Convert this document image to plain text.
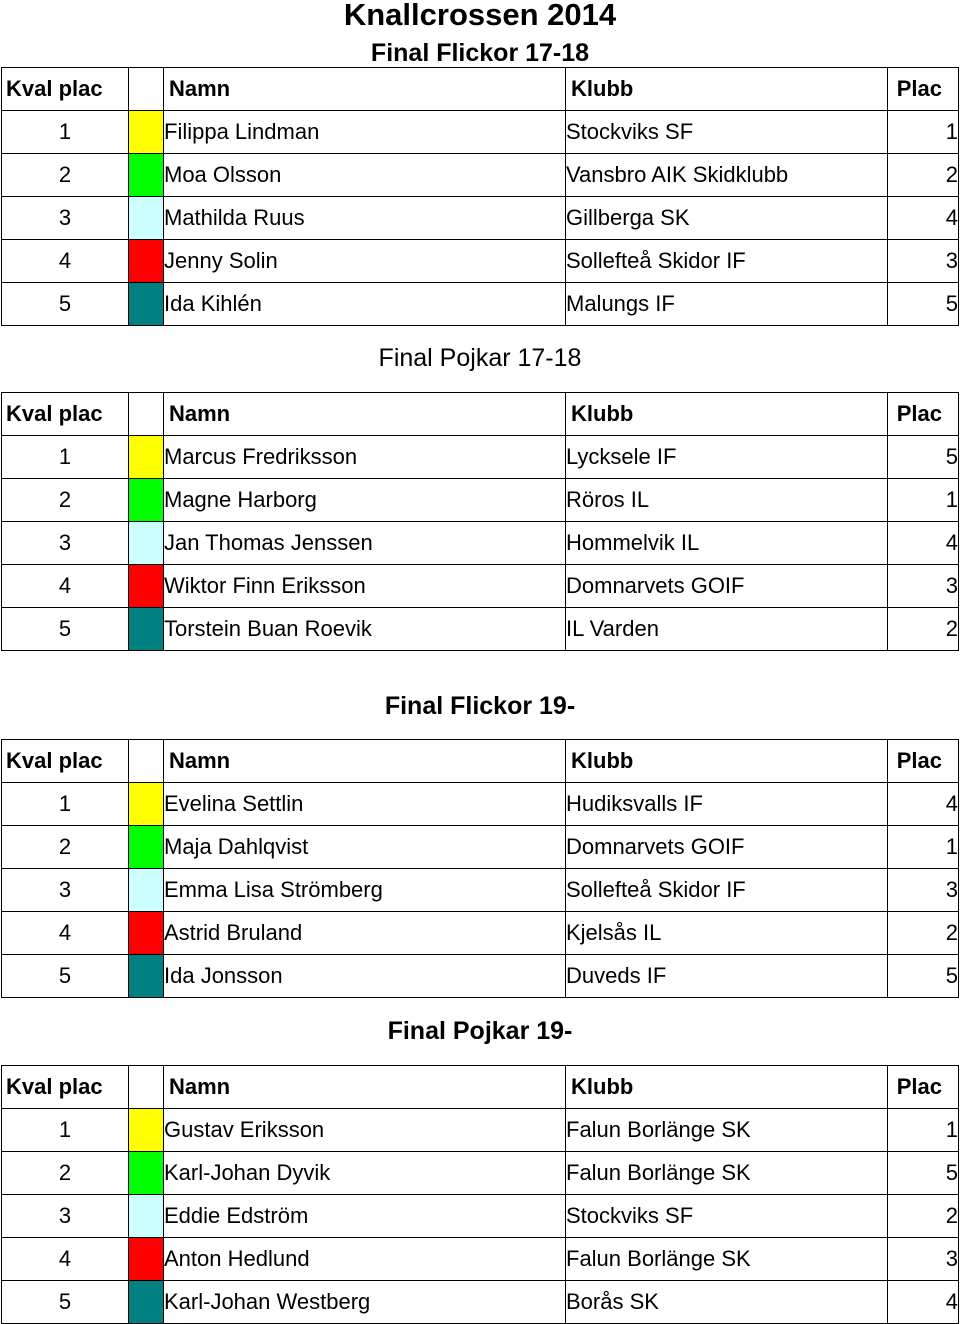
Knallcrossen 2014
Final Flickor 17-18
Kval plac		Namn	Klubb	Plac
1		Filippa Lindman	Stockviks SF	1
2		Moa Olsson	Vansbro AIK Skidklubb	2
3		Mathilda Ruus	Gillberga SK	4
4		Jenny Solin	Sollefteå Skidor IF	3
5		Ida Kihlén	Malungs IF	5
Final Pojkar 17-18
Kval plac		Namn	Klubb	Plac
1		Marcus Fredriksson	Lycksele IF	5
2		Magne Harborg	Röros IL	1
3		Jan Thomas Jenssen	Hommelvik IL	4
4		Wiktor Finn Eriksson	Domnarvets GOIF	3
5		Torstein Buan Roevik	IL Varden	2
Final Flickor 19-
Kval plac		Namn	Klubb	Plac
1		Evelina Settlin	Hudiksvalls IF	4
2		Maja Dahlqvist	Domnarvets GOIF	1
3		Emma Lisa Strömberg	Sollefteå Skidor IF	3
4		Astrid Bruland	Kjelsås IL	2
5		Ida Jonsson	Duveds IF	5
Final Pojkar 19-
Kval plac		Namn	Klubb	Plac
1		Gustav Eriksson	Falun Borlänge SK	1
2		Karl-Johan Dyvik	Falun Borlänge SK	5
3		Eddie Edström	Stockviks SF	2
4		Anton Hedlund	Falun Borlänge SK	3
5		Karl-Johan Westberg	Borås SK	4
